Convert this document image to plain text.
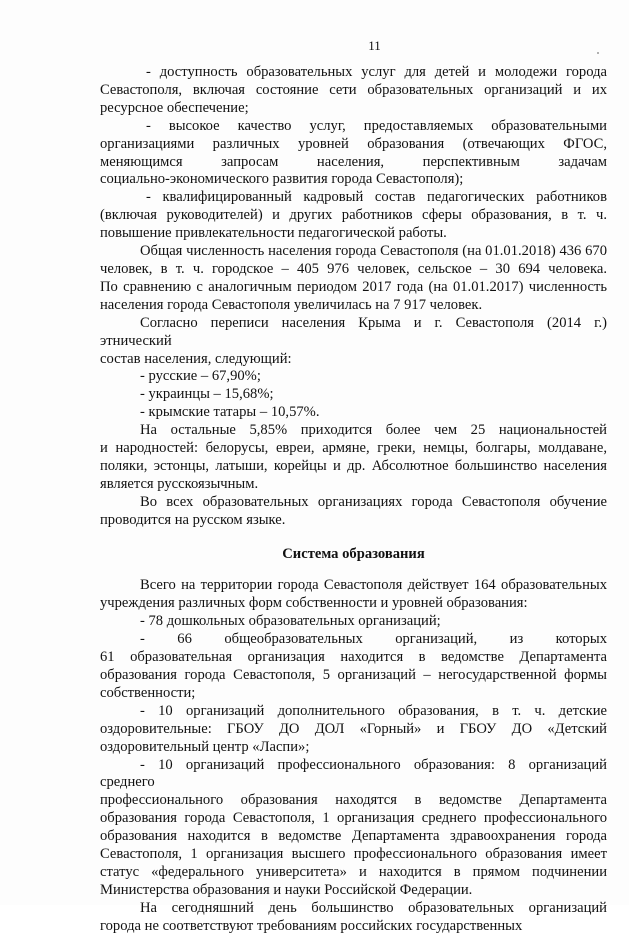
11

- доступность образовательных услуг для детей и молодежи города
Севастополя, включая состояние сети образовательных организаций и их
ресурсное обеспечение;

- высокое качество услуг, предоставляемых образовательными
организациями различных уровней образования (отвечающих ФГОС,
меняющимся запросам населения, перспективным задачам
социально-экономического развития города Севастополя);

- квалифицированный кадровый состав педагогических работников
(включая руководителей) и других работников сферы образования, в т. ч.
повышение привлекательности педагогической работы.

Общая численность населения города Севастополя (на 01.01.2018) 436 670
человек, в т. ч. городское – 405 976 человек, сельское – 30 694 человека.
По сравнению с аналогичным периодом 2017 года (на 01.01.2017) численность
населения города Севастополя увеличилась на 7 917 человек.

Согласно переписи населения Крыма и г. Севастополя (2014 г.) этнический
состав населения, следующий:

- русские – 67,90%;

- украинцы – 15,68%;

- крымские татары – 10,57%.

На остальные 5,85% приходится более чем 25 национальностей
и народностей: белорусы, евреи, армяне, греки, немцы, болгары, молдаване,
поляки, эстонцы, латыши, корейцы и др. Абсолютное большинство населения
является русскоязычным.

Во всех образовательных организациях города Севастополя обучение
проводится на русском языке.

Система образования

Всего на территории города Севастополя действует 164 образовательных
учреждения различных форм собственности и уровней образования:

- 78 дошкольных образовательных организаций;

- 66 общеобразовательных организаций, из которых
61 образовательная организация находится в ведомстве Департамента
образования города Севастополя, 5 организаций – негосударственной формы
собственности;

- 10 организаций дополнительного образования, в т. ч. детские
оздоровительные: ГБОУ ДО ДОЛ «Горный» и ГБОУ ДО «Детский
оздоровительный центр «Ласпи»;

- 10 организаций профессионального образования: 8 организаций среднего
профессионального образования находятся в ведомстве Департамента
образования города Севастополя, 1 организация среднего профессионального
образования находится в ведомстве Департамента здравоохранения города
Севастополя, 1 организация высшего профессионального образования имеет
статус «федерального университета» и находится в прямом подчинении
Министерства образования и науки Российской Федерации.

На сегодняшний день большинство образовательных организаций
города не соответствуют требованиям российских государственных
